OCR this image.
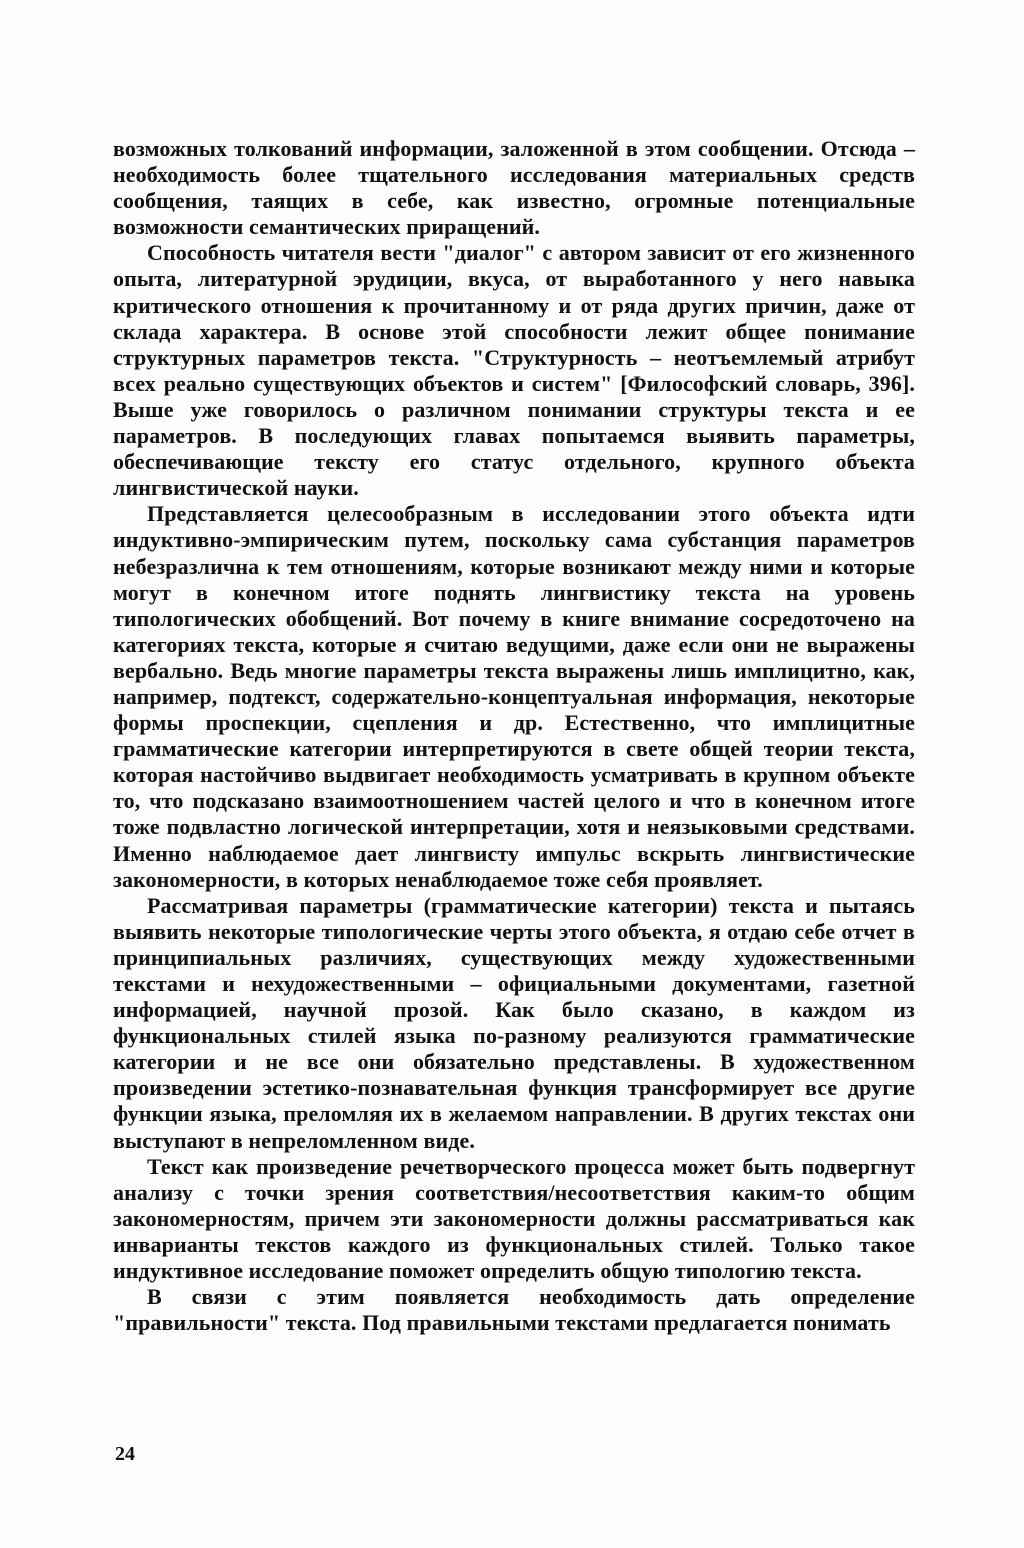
возможных толкований информации, заложенной в этом сообщении. Отсюда – необходимость более тщательного исследования материальных средств сообщения, таящих в себе, как известно, огромные потенциальные возможности семантических приращений.

Способность читателя вести "диалог" с автором зависит от его жизненного опыта, литературной эрудиции, вкуса, от выработанного у него навыка критического отношения к прочитанному и от ряда других причин, даже от склада характера. В основе этой способности лежит общее понимание структурных параметров текста. "Структурность – неотъемлемый атрибут всех реально существующих объектов и систем" [Философский словарь, 396]. Выше уже говорилось о различном понимании структуры текста и ее параметров. В последующих главах попытаемся выявить параметры, обеспечивающие тексту его статус отдельного, крупного объекта лингвистической науки.

Представляется целесообразным в исследовании этого объекта идти индуктивно-эмпирическим путем, поскольку сама субстанция параметров небезразлична к тем отношениям, которые возникают между ними и которые могут в конечном итоге поднять лингвистику текста на уровень типологических обобщений. Вот почему в книге внимание сосредоточено на категориях текста, которые я считаю ведущими, даже если они не выражены вербально. Ведь многие параметры текста выражены лишь имплицитно, как, например, подтекст, содержательно-концептуальная информация, некоторые формы проспекции, сцепления и др. Естественно, что имплицитные грамматические категории интерпретируются в свете общей теории текста, которая настойчиво выдвигает необходимость усматривать в крупном объекте то, что подсказано взаимоотношением частей целого и что в конечном итоге тоже подвластно логической интерпретации, хотя и неязыковыми средствами. Именно наблюдаемое дает лингвисту импульс вскрыть лингвистические закономерности, в которых ненаблюдаемое тоже себя проявляет.

Рассматривая параметры (грамматические категории) текста и пытаясь выявить некоторые типологические черты этого объекта, я отдаю себе отчет в принципиальных различиях, существующих между художественными текстами и нехудожественными – официальными документами, газетной информацией, научной прозой. Как было сказано, в каждом из функциональных стилей языка по-разному реализуются грамматические категории и не все они обязательно представлены. В художественном произведении эстетико-познавательная функция трансформирует все другие функции языка, преломляя их в желаемом направлении. В других текстах они выступают в непреломленном виде.

Текст как произведение речетворческого процесса может быть подвергнут анализу с точки зрения соответствия/несоответствия каким-то общим закономерностям, причем эти закономерности должны рассматриваться как инварианты текстов каждого из функциональных стилей. Только такое индуктивное исследование поможет определить общую типологию текста.

В связи с этим появляется необходимость дать определение "правильности" текста. Под правильными текстами предлагается понимать

24
